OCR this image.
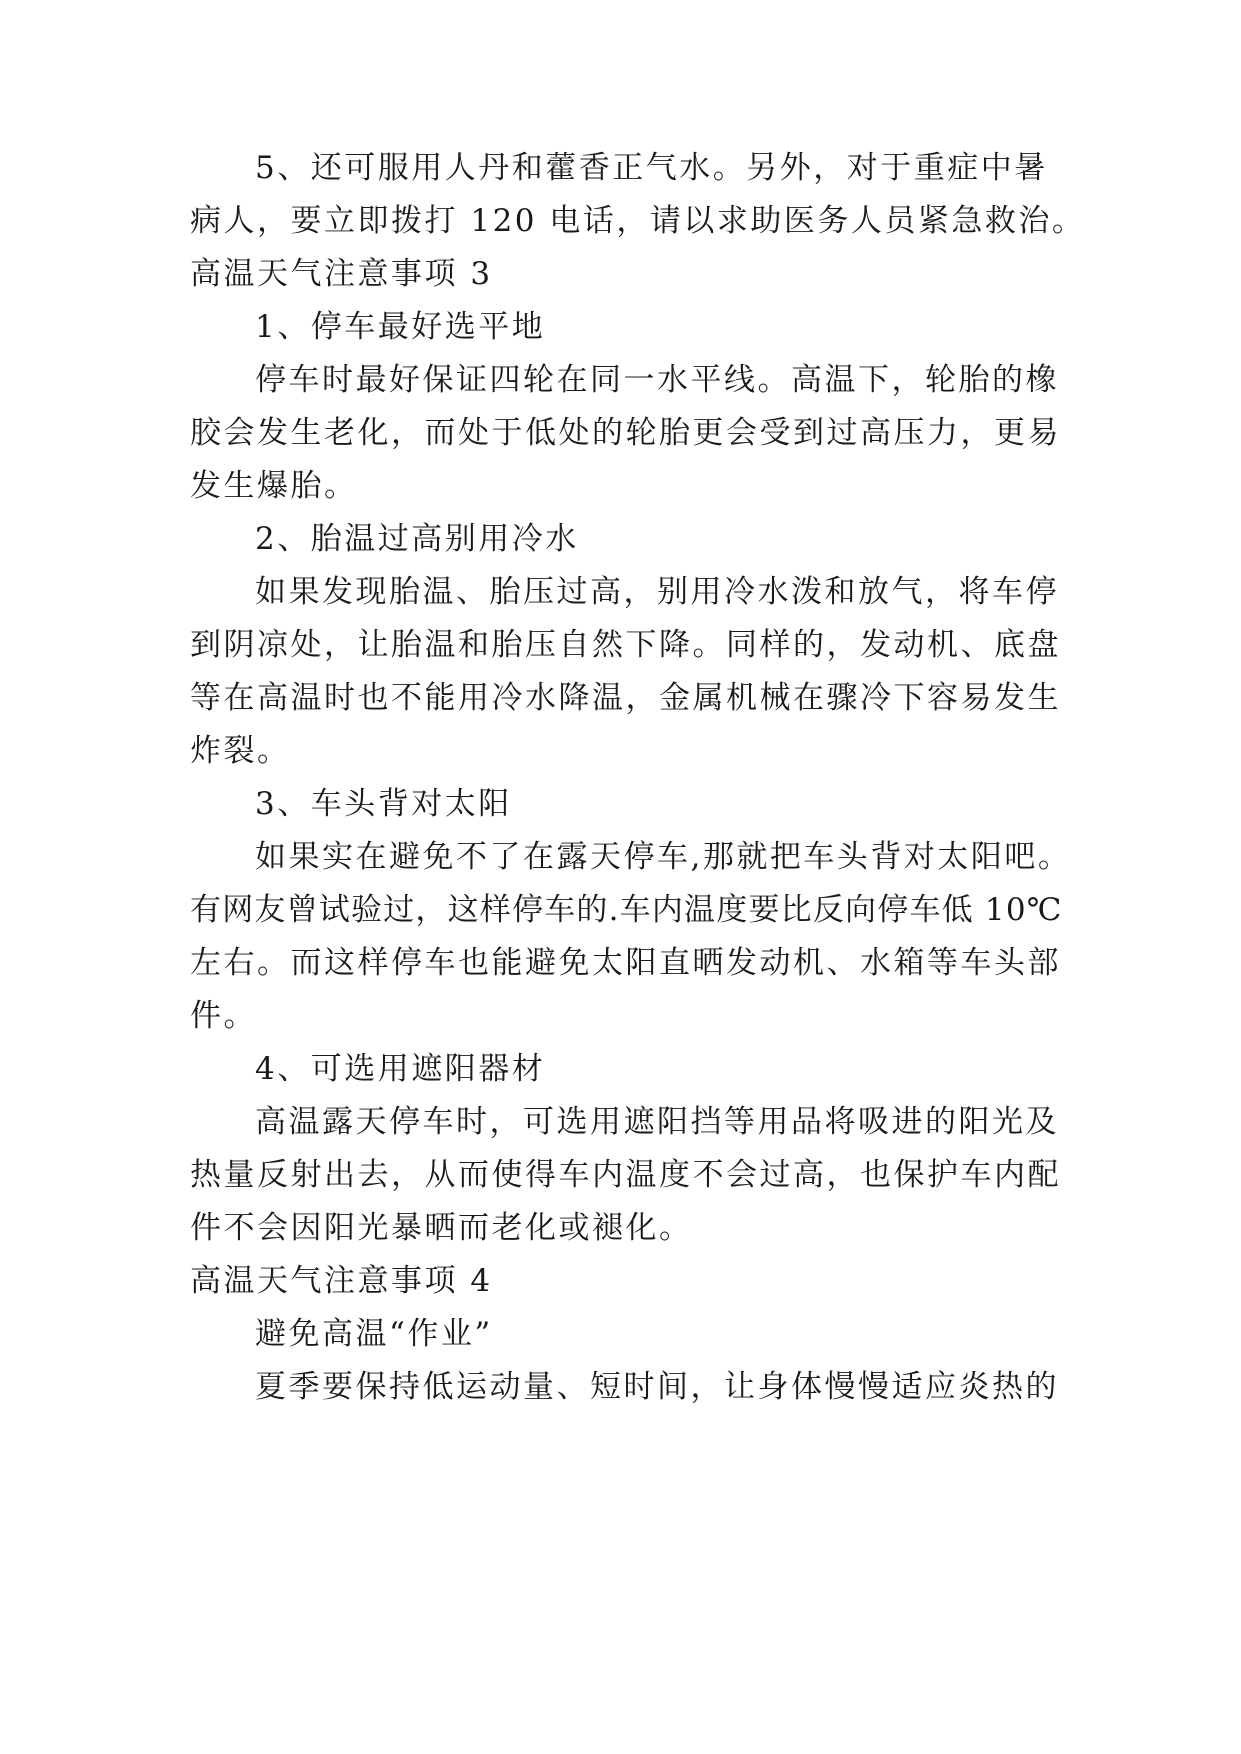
5、还可服用人丹和藿香正气水。另外，对于重症中暑
病人，要立即拨打 120 电话，请以求助医务人员紧急救治。
高温天气注意事项 3
1、停车最好选平地
停车时最好保证四轮在同一水平线。高温下，轮胎的橡
胶会发生老化，而处于低处的轮胎更会受到过高压力，更易
发生爆胎。
2、胎温过高别用冷水
如果发现胎温、胎压过高，别用冷水泼和放气，将车停
到阴凉处，让胎温和胎压自然下降。同样的，发动机、底盘
等在高温时也不能用冷水降温，金属机械在骤冷下容易发生
炸裂。
3、车头背对太阳
如果实在避免不了在露天停车,那就把车头背对太阳吧。
有网友曾试验过，这样停车的.车内温度要比反向停车低 10℃
左右。而这样停车也能避免太阳直晒发动机、水箱等车头部
件。
4、可选用遮阳器材
高温露天停车时，可选用遮阳挡等用品将吸进的阳光及
热量反射出去，从而使得车内温度不会过高，也保护车内配
件不会因阳光暴晒而老化或褪化。
高温天气注意事项 4
避免高温“作业”
夏季要保持低运动量、短时间，让身体慢慢适应炎热的
